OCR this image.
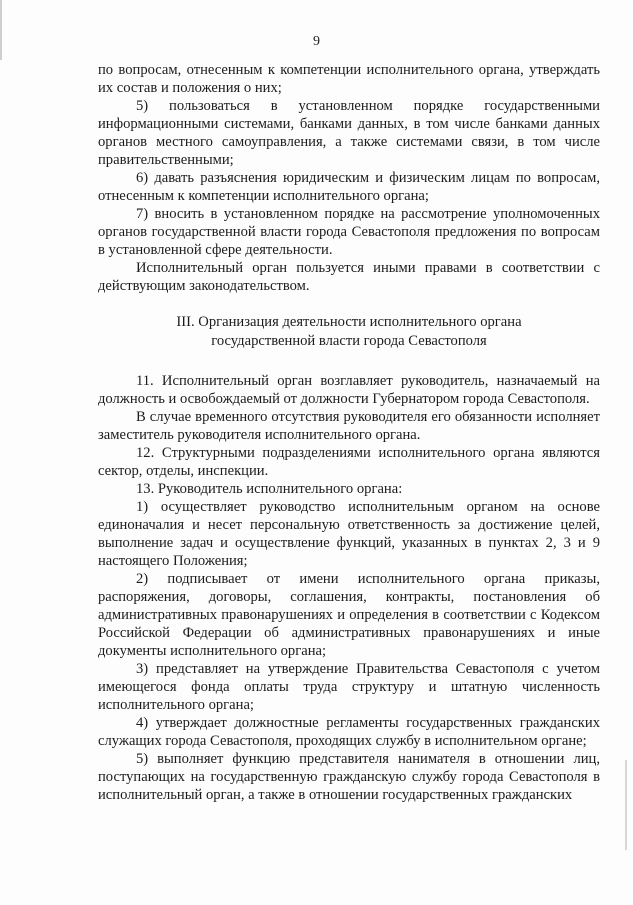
9

по вопросам, отнесенным к компетенции исполнительного органа, утверждать их состав и положения о них;

5) пользоваться в установленном порядке государственными информационными системами, банками данных, в том числе банками данных органов местного самоуправления, а также системами связи, в том числе правительственными;

6) давать разъяснения юридическим и физическим лицам по вопросам, отнесенным к компетенции исполнительного органа;

7) вносить в установленном порядке на рассмотрение уполномоченных органов государственной власти города Севастополя предложения по вопросам в установленной сфере деятельности.

Исполнительный орган пользуется иными правами в соответствии с действующим законодательством.

III. Организация деятельности исполнительного органа
государственной власти города Севастополя

11. Исполнительный орган возглавляет руководитель, назначаемый на должность и освобождаемый от должности Губернатором города Севастополя.

В случае временного отсутствия руководителя его обязанности исполняет заместитель руководителя исполнительного органа.

12. Структурными подразделениями исполнительного органа являются сектор, отделы, инспекции.

13. Руководитель исполнительного органа:

1) осуществляет руководство исполнительным органом на основе единоначалия и несет персональную ответственность за достижение целей, выполнение задач и осуществление функций, указанных в пунктах 2, 3 и 9 настоящего Положения;

2) подписывает от имени исполнительного органа приказы, распоряжения, договоры, соглашения, контракты, постановления об административных правонарушениях и определения в соответствии с Кодексом Российской Федерации об административных правонарушениях и иные документы исполнительного органа;

3) представляет на утверждение Правительства Севастополя с учетом имеющегося фонда оплаты труда структуру и штатную численность исполнительного органа;

4) утверждает должностные регламенты государственных гражданских служащих города Севастополя, проходящих службу в исполнительном органе;

5) выполняет функцию представителя нанимателя в отношении лиц, поступающих на государственную гражданскую службу города Севастополя в исполнительный орган, а также в отношении государственных гражданских
